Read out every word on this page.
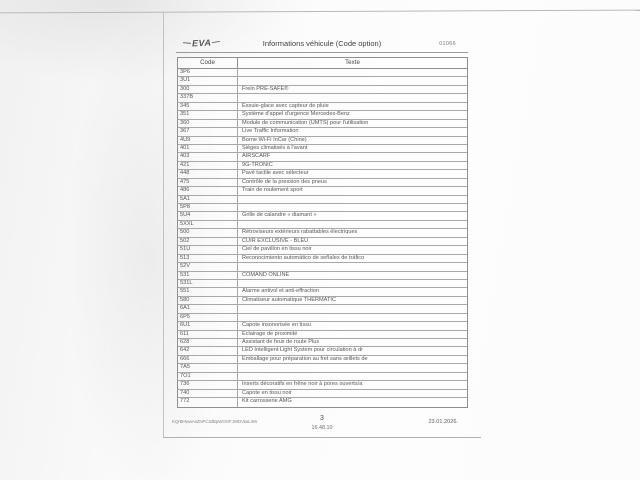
EVA	Informations véhicule (Code option)	01066
Code	Texte
3P6
3U1
300	Frein PRE-SAFE®
337B
345	Essuie-glace avec capteur de pluie
351	Système d'appel d'urgence Mercedes-Benz
360	Module de communication (UMTS) pour l'utilisation
367	Live Traffic Information
4U9	Borne Wi-Fi InCar (Chine)
401	Sièges climatisés à l'avant
403	AIRSCARF
421	9G-TRONIC
448	Pavé tactile avec sélecteur
475	Contrôle de la pression des pneus
486	Train de roulement sport
5A1
5P8
5U4	Grille de calandre « diamant »
5XXL
500	Rétroviseurs extérieurs rabattables électriques
502	CUIR EXCLUSIVE - BLEU
51U	Ciel de pavillon en tissu noir
513	Reconocimiento automático de señales de tráfico
52V
531	COMAND ONLINE
531L
551	Alarme antivol et anti-effraction
580	Climatiseur automatique THERMATIC
6A1
6P5
6U1	Capote insonorisée en tissu
611	Eclairage de proximité
628	Assistant de feux de route Plus
642	LED Intelligent Light System pour circulation à dr
666	Emballage pour préparation au fret sans œillets de
7A5
7O1
736	Inserts décoratifs en frêne noir à pores ouverts/a
740	Capote en tissu noir
772	Kit carrosserie AMG
KQrBHwwAsZNFC2dBpWOOFJWDVkaL3W	3
16.48.10
23.01.2026.
